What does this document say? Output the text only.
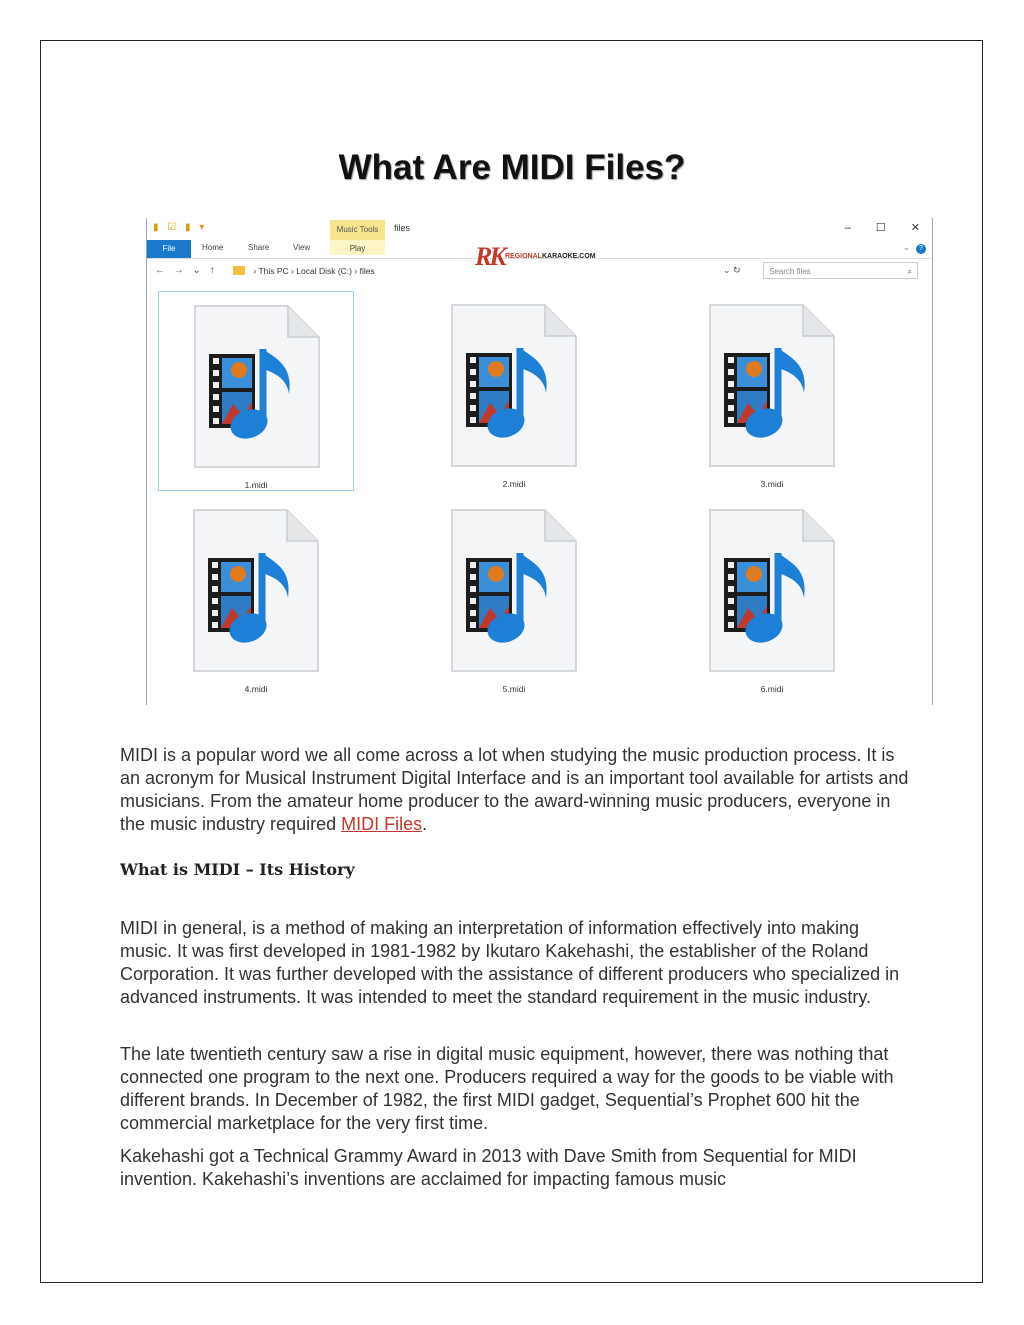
What Are MIDI Files?
▮ ☑ ▮ ▾	Music Tools	files	– ☐ ✕
File	Home	Share	View	Play	⌄ ?
← → ⌄ ↑	› This PC › Local Disk (C:) › files	⌄ ↻	Search files	⌕
RK REGIONALKARAOKE.COM
1.midi	2.midi	3.midi
4.midi	5.midi	6.midi

MIDI is a popular word we all come across a lot when studying the music production process. It is an acronym for Musical Instrument Digital Interface and is an important tool available for artists and musicians. From the amateur home producer to the award-winning music producers, everyone in the music industry required MIDI Files.

What is MIDI – Its History

MIDI in general, is a method of making an interpretation of information effectively into making music. It was first developed in 1981-1982 by Ikutaro Kakehashi, the establisher of the Roland Corporation. It was further developed with the assistance of different producers who specialized in advanced instruments. It was intended to meet the standard requirement in the music industry.

The late twentieth century saw a rise in digital music equipment, however, there was nothing that connected one program to the next one. Producers required a way for the goods to be viable with different brands. In December of 1982, the first MIDI gadget, Sequential’s Prophet 600 hit the commercial marketplace for the very first time.

Kakehashi got a Technical Grammy Award in 2013 with Dave Smith from Sequential for MIDI invention. Kakehashi’s inventions are acclaimed for impacting famous music
